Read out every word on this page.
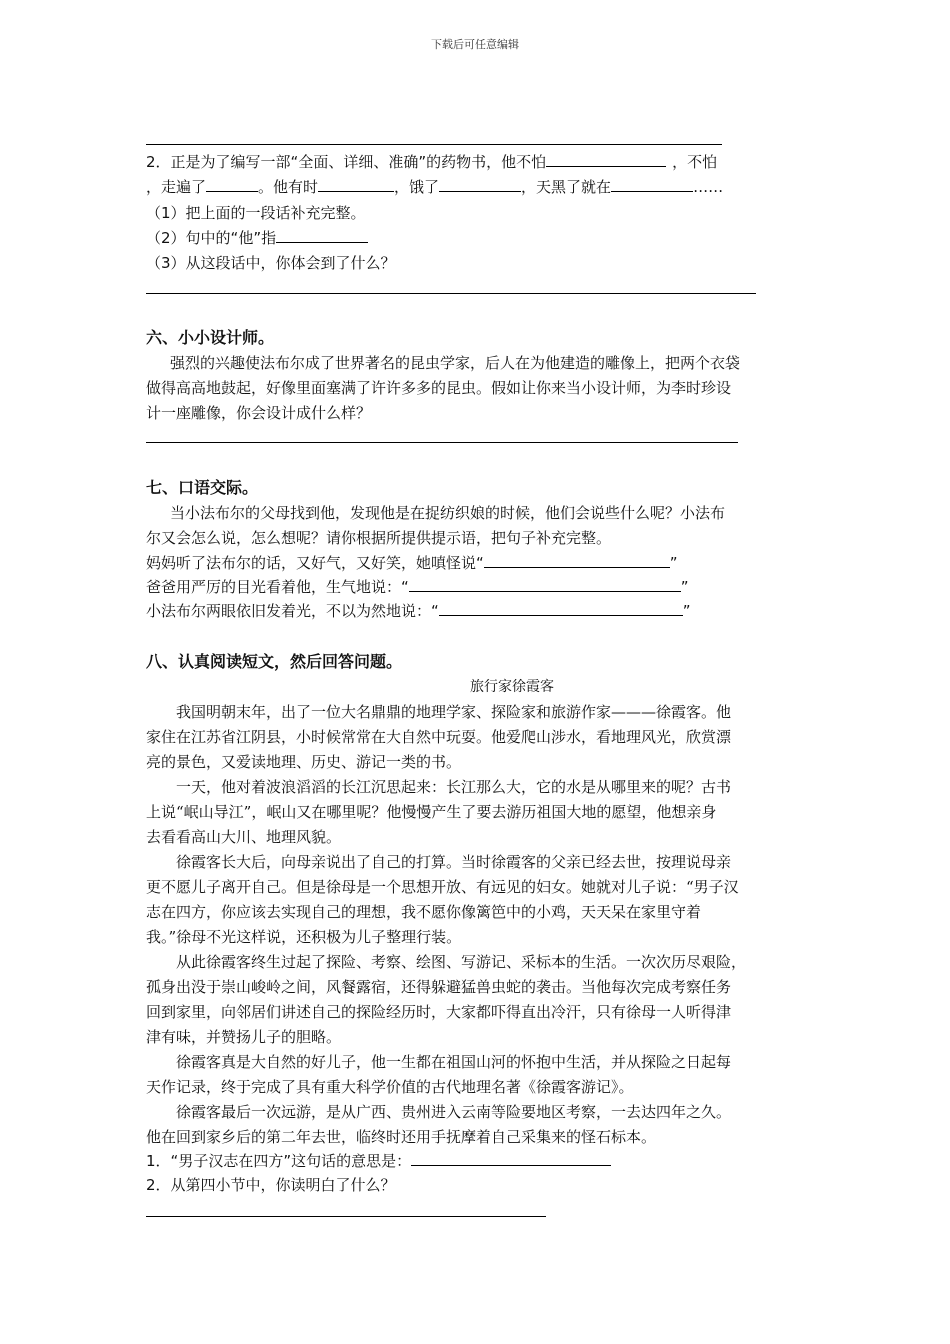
下载后可任意编辑
2．正是为了编写一部“全面、详细、准确”的药物书，他不怕	，不怕
，走遍了	。他有时	，饿了	，天黑了就在	……
（1）把上面的一段话补充完整。
（2）句中的“他”指
（3）从这段话中，你体会到了什么？
六、小小设计师。
强烈的兴趣使法布尔成了世界著名的昆虫学家，后人在为他建造的雕像上，把两个衣袋
做得高高地鼓起，好像里面塞满了许许多多的昆虫。假如让你来当小设计师，为李时珍设
计一座雕像，你会设计成什么样？
七、口语交际。
当小法布尔的父母找到他，发现他是在捉纺织娘的时候，他们会说些什么呢？小法布
尔又会怎么说，怎么想呢？请你根据所提供提示语，把句子补充完整。
妈妈听了法布尔的话，又好气，又好笑，她嗔怪说“	”
爸爸用严厉的目光看着他，生气地说：“	”
小法布尔两眼依旧发着光，不以为然地说：“	”
八、认真阅读短文，然后回答问题。
旅行家徐霞客
我国明朝末年，出了一位大名鼎鼎的地理学家、探险家和旅游作家———徐霞客。他
家住在江苏省江阴县，小时候常常在大自然中玩耍。他爱爬山涉水，看地理风光，欣赏漂
亮的景色，又爱读地理、历史、游记一类的书。
一天，他对着波浪滔滔的长江沉思起来：长江那么大，它的水是从哪里来的呢？古书
上说“岷山导江”，岷山又在哪里呢？他慢慢产生了要去游历祖国大地的愿望，他想亲身
去看看高山大川、地理风貌。
徐霞客长大后，向母亲说出了自己的打算。当时徐霞客的父亲已经去世，按理说母亲
更不愿儿子离开自己。但是徐母是一个思想开放、有远见的妇女。她就对儿子说：“男子汉
志在四方，你应该去实现自己的理想，我不愿你像篱笆中的小鸡，天天呆在家里守着
我。”徐母不光这样说，还积极为儿子整理行装。
从此徐霞客终生过起了探险、考察、绘图、写游记、采标本的生活。一次次历尽艰险，
孤身出没于崇山峻岭之间，风餐露宿，还得躲避猛兽虫蛇的袭击。当他每次完成考察任务
回到家里，向邻居们讲述自己的探险经历时，大家都吓得直出冷汗，只有徐母一人听得津
津有味，并赞扬儿子的胆略。
徐霞客真是大自然的好儿子，他一生都在祖国山河的怀抱中生活，并从探险之日起每
天作记录，终于完成了具有重大科学价值的古代地理名著《徐霞客游记》。
徐霞客最后一次远游，是从广西、贵州进入云南等险要地区考察，一去达四年之久。
他在回到家乡后的第二年去世，临终时还用手抚摩着自己采集来的怪石标本。
1．“男子汉志在四方”这句话的意思是：
2．从第四小节中，你读明白了什么？
